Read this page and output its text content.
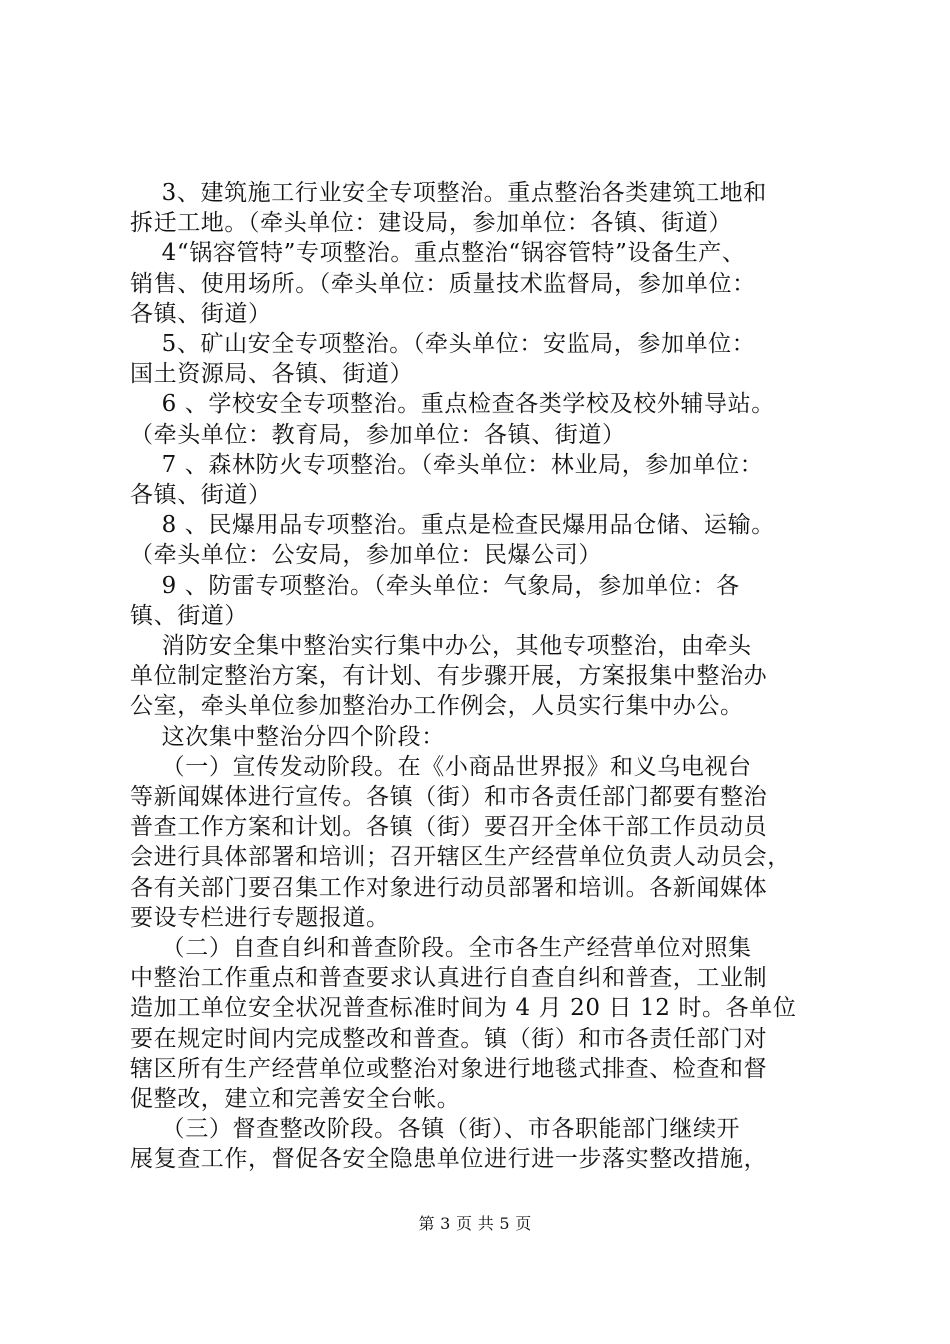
3、建筑施工行业安全专项整治。重点整治各类建筑工地和
拆迁工地。（牵头单位：建设局，参加单位：各镇、街道）
4“锅容管特”专项整治。重点整治“锅容管特”设备生产、
销售、使用场所。（牵头单位：质量技术监督局，参加单位：
各镇、街道）
5、矿山安全专项整治。（牵头单位：安监局，参加单位：
国土资源局、各镇、街道）
6 、学校安全专项整治。重点检查各类学校及校外辅导站。
（牵头单位：教育局，参加单位：各镇、街道）
7 、森林防火专项整治。（牵头单位：林业局，参加单位：
各镇、街道）
8 、民爆用品专项整治。重点是检查民爆用品仓储、运输。
（牵头单位：公安局，参加单位：民爆公司）
9 、防雷专项整治。（牵头单位：气象局，参加单位：各
镇、街道）
消防安全集中整治实行集中办公，其他专项整治，由牵头
单位制定整治方案，有计划、有步骤开展，方案报集中整治办
公室，牵头单位参加整治办工作例会，人员实行集中办公。
这次集中整治分四个阶段：
（一）宣传发动阶段。在《小商品世界报》和义乌电视台
等新闻媒体进行宣传。各镇（街）和市各责任部门都要有整治
普查工作方案和计划。各镇（街）要召开全体干部工作员动员
会进行具体部署和培训；召开辖区生产经营单位负责人动员会，
各有关部门要召集工作对象进行动员部署和培训。各新闻媒体
要设专栏进行专题报道。
（二）自查自纠和普查阶段。全市各生产经营单位对照集
中整治工作重点和普查要求认真进行自查自纠和普查，工业制
造加工单位安全状况普查标准时间为 4 月 20 日 12 时。各单位
要在规定时间内完成整改和普查。镇（街）和市各责任部门对
辖区所有生产经营单位或整治对象进行地毯式排查、检查和督
促整改，建立和完善安全台帐。
（三）督查整改阶段。各镇（街）、市各职能部门继续开
展复查工作，督促各安全隐患单位进行进一步落实整改措施，
第 3 页 共 5 页
